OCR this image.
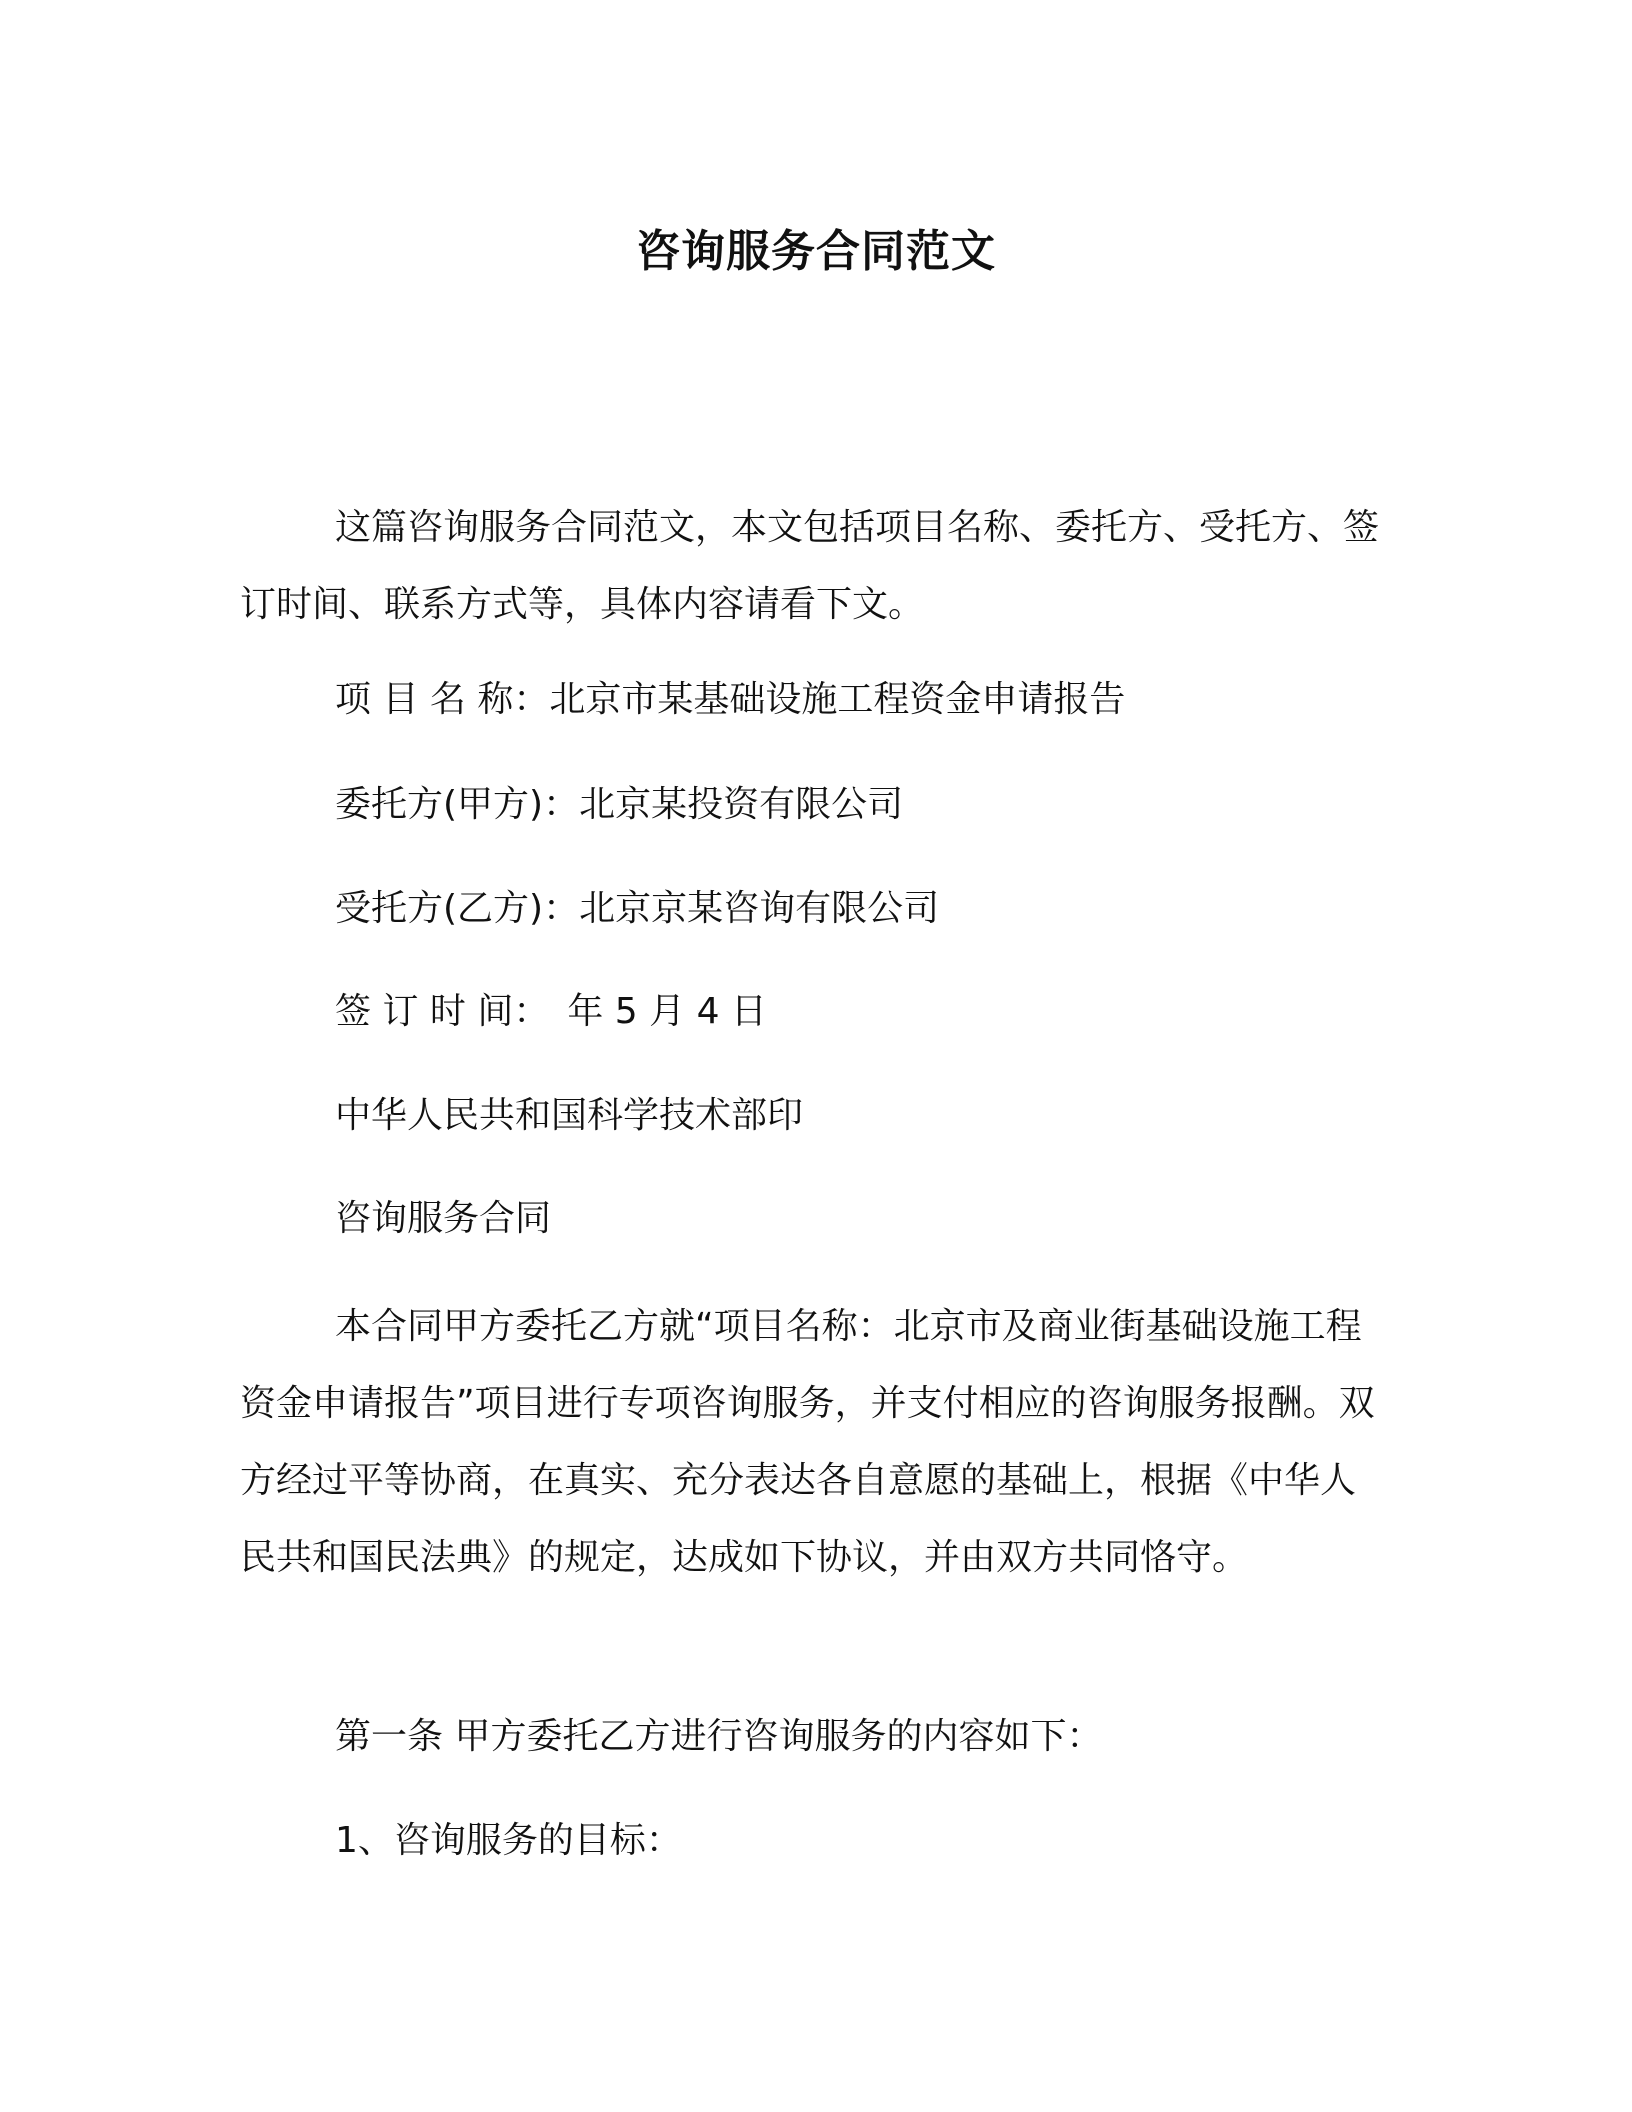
咨询服务合同范文
这篇咨询服务合同范文，本文包括项目名称、委托方、受托方、签订时间、联系方式等，具体内容请看下文。
项 目 名 称：北京市某基础设施工程资金申请报告
委托方(甲方)：北京某投资有限公司
受托方(乙方)：北京京某咨询有限公司
签 订 时 间： 年 5 月 4 日
中华人民共和国科学技术部印
咨询服务合同
本合同甲方委托乙方就“项目名称：北京市及商业街基础设施工程资金申请报告”项目进行专项咨询服务，并支付相应的咨询服务报酬。双方经过平等协商，在真实、充分表达各自意愿的基础上，根据《中华人民共和国民法典》的规定，达成如下协议，并由双方共同恪守。
第一条 甲方委托乙方进行咨询服务的内容如下：
1、咨询服务的目标：
